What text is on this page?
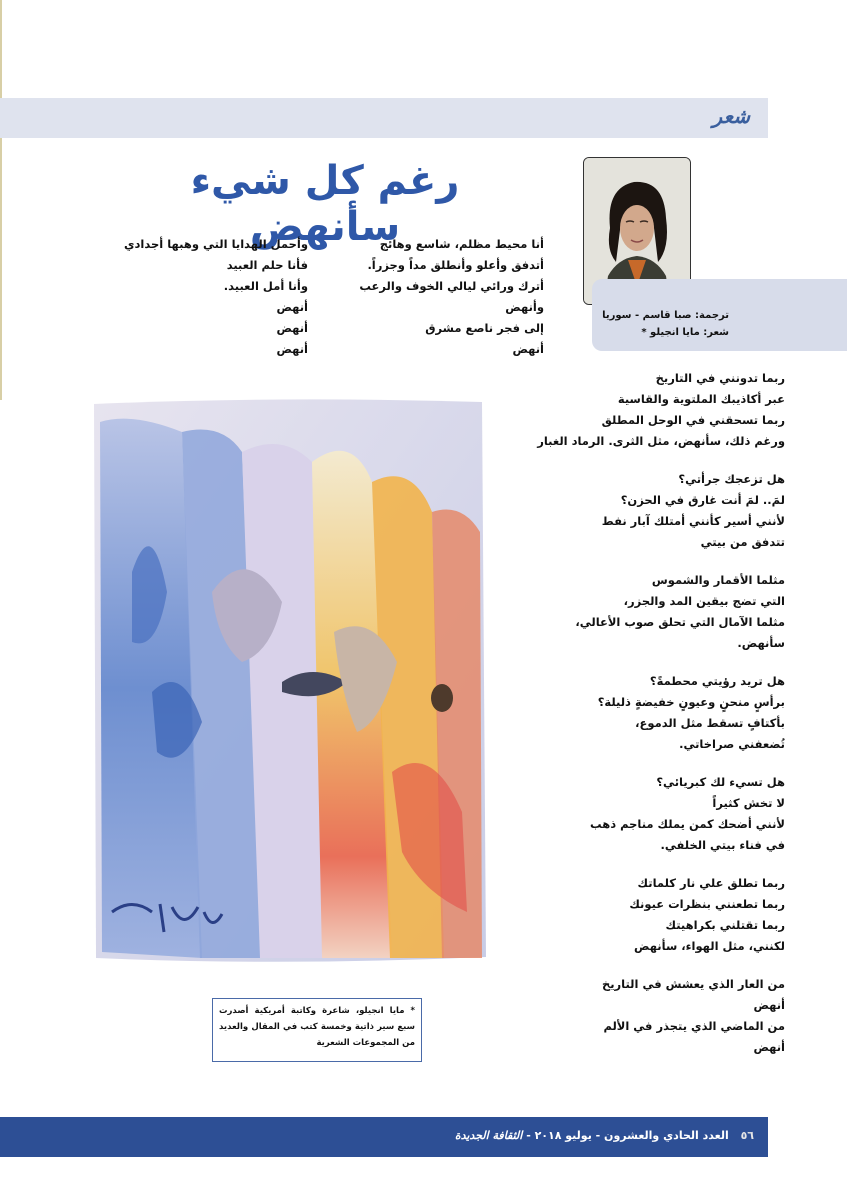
شعر
رغم كل شيء سأنهض
ترجمة: صبا قاسم - سوريا
شعر: مايا انجيلو *
أنا محيط مظلم، شاسع وهائج
أتدفق وأعلو وأنطلق مداً وجزراً.
أترك ورائي ليالي الخوف والرعب
وأنهض
إلى فجر ناصع مشرق
أنهض
وأحمل الهدايا التي وهبها أجدادي
فأنا حلم العبيد
وأنا أمل العبيد.
أنهض
أنهض
أنهض
ربما تدونني في التاريخ
عبر أكاذيبك الملتوية والقاسية
ربما تسحقني في الوحل المطلق
ورغم ذلك، سأنهض، مثل الثرى. الرماد الغبار
هل تزعجك جرأتي؟
لمَ.. لمَ أنت غارق في الحزن؟
لأنني أسير كأنني أمتلك آبار نفط
تتدفق من بيتي
مثلما الأقمار والشموس
التي تضج بيقين المد والجزر،
مثلما الآمال التي تحلق صوب الأعالي،
سأنهض.
هل تريد رؤيتي محطمةً؟
برأسٍ منحنٍ وعيونٍ خفيضةٍ ذليلة؟
بأكتافٍ تسقط مثل الدموع،
تُضعفني صراخاتي.
هل تسيء لك كبريائي؟
لا تخش كثيراً
لأنني أضحك كمن يملك مناجم ذهب
في فناء بيتي الخلفي.
ربما تطلق علي نار كلماتك
ربما تطعنني بنظرات عيونك
ربما تقتلني بكراهيتك
لكنني، مثل الهواء، سأنهض
من العار الذي يعشش في التاريخ
أنهض
من الماضي الذي يتجذر في الألم
أنهض
* مايا انجيلو، شاعرة وكاتبة أمريكية أصدرت سبع سير ذاتية وخمسة كتب في المقال والعديد من المجموعات الشعرية
٥٦ العدد الحادي والعشرون - يوليو ٢٠١٨ - الثقافة الجديدة
